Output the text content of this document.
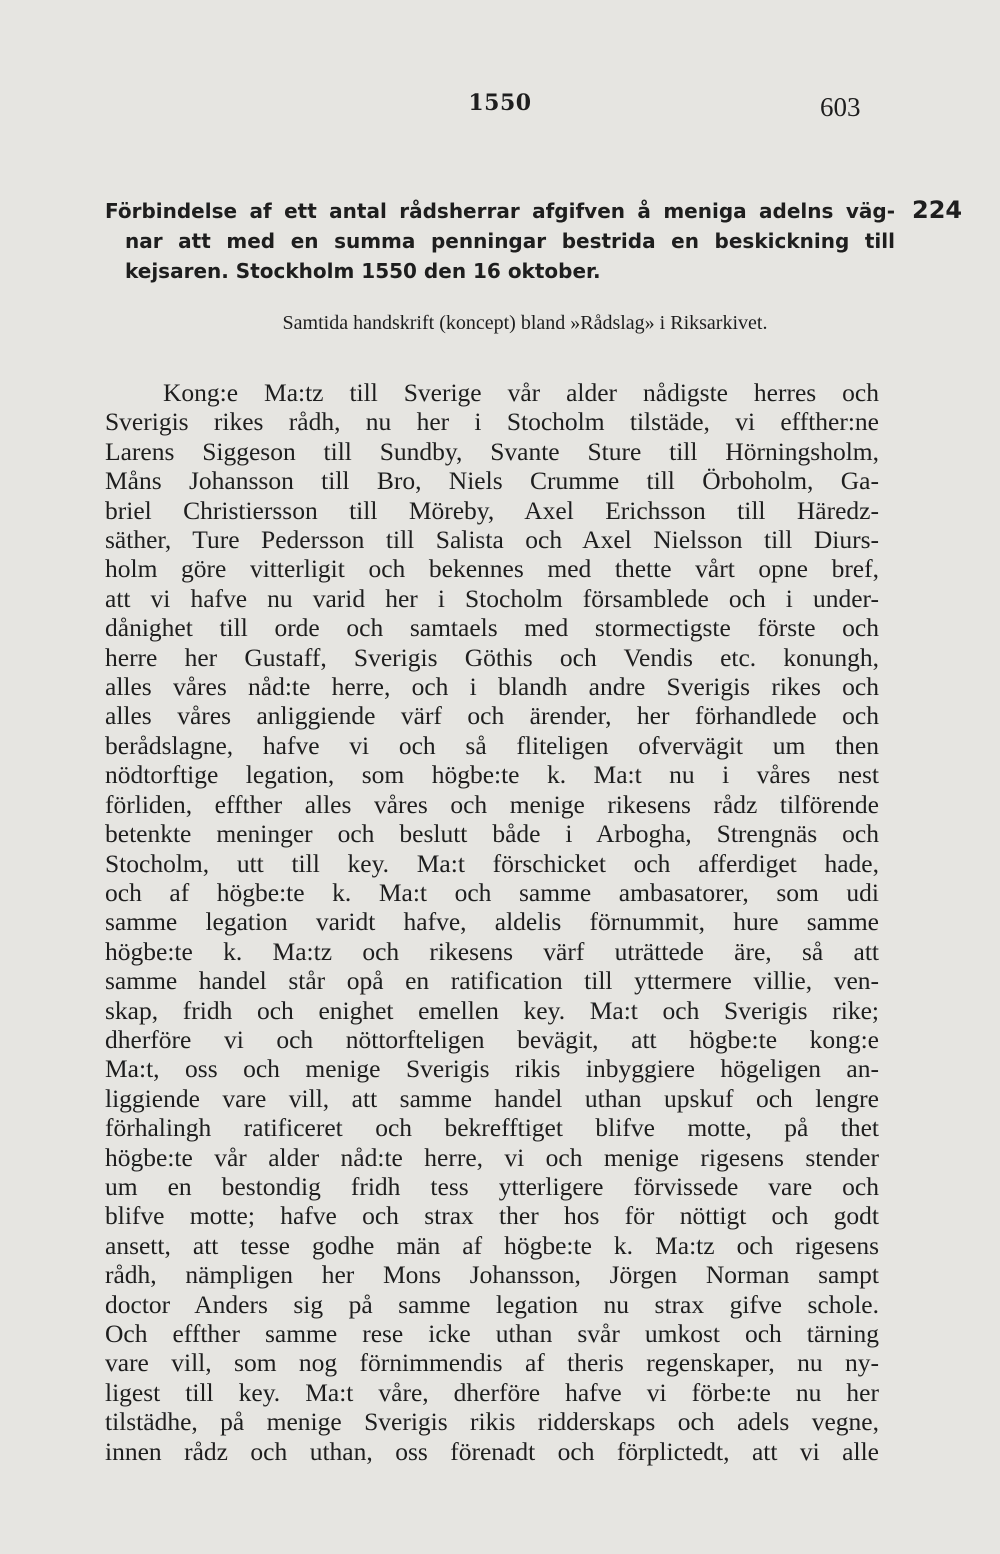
1550	603
224
Förbindelse af ett antal rådsherrar afgifven å meniga adelns väg-
nar att med en summa penningar bestrida en beskickning till
kejsaren. Stockholm 1550 den 16 oktober.
Samtida handskrift (koncept) bland »Rådslag» i Riksarkivet.
Kong:e Ma:tz till Sverige vår alder nådigste herres och
Sverigis rikes rådh, nu her i Stocholm tilstäde, vi effther:ne
Larens Siggeson till Sundby, Svante Sture till Hörningsholm,
Måns Johansson till Bro, Niels Crumme till Örboholm, Ga-
briel Christiersson till Möreby, Axel Erichsson till Häredz-
säther, Ture Pedersson till Salista och Axel Nielsson till Diurs-
holm göre vitterligit och bekennes med thette vårt opne bref,
att vi hafve nu varid her i Stocholm församblede och i under-
dånighet till orde och samtaels med stormectigste förste och
herre her Gustaff, Sverigis Göthis och Vendis etc. konungh,
alles våres nåd:te herre, och i blandh andre Sverigis rikes och
alles våres anliggiende värf och ärender, her förhandlede och
berådslagne, hafve vi och så fliteligen ofvervägit um then
nödtorftige legation, som högbe:te k. Ma:t nu i våres nest
förliden, effther alles våres och menige rikesens rådz tilförende
betenkte meninger och beslutt både i Arbogha, Strengnäs och
Stocholm, utt till key. Ma:t förschicket och afferdiget hade,
och af högbe:te k. Ma:t och samme ambasatorer, som udi
samme legation varidt hafve, aldelis förnummit, hure samme
högbe:te k. Ma:tz och rikesens värf uträttede äre, så att
samme handel står opå en ratification till yttermere villie, ven-
skap, fridh och enighet emellen key. Ma:t och Sverigis rike;
dherföre vi och nöttorfteligen bevägit, att högbe:te kong:e
Ma:t, oss och menige Sverigis rikis inbyggiere högeligen an-
liggiende vare vill, att samme handel uthan upskuf och lengre
förhalingh ratificeret och bekrefftiget blifve motte, på thet
högbe:te vår alder nåd:te herre, vi och menige rigesens stender
um en bestondig fridh tess ytterligere förvissede vare och
blifve motte; hafve och strax ther hos för nöttigt och godt
ansett, att tesse godhe män af högbe:te k. Ma:tz och rigesens
rådh, nämpligen her Mons Johansson, Jörgen Norman sampt
doctor Anders sig på samme legation nu strax gifve schole.
Och effther samme rese icke uthan svår umkost och tärning
vare vill, som nog förnimmendis af theris regenskaper, nu ny-
ligest till key. Ma:t våre, dherföre hafve vi förbe:te nu her
tilstädhe, på menige Sverigis rikis ridderskaps och adels vegne,
innen rådz och uthan, oss förenadt och förplictedt, att vi alle
